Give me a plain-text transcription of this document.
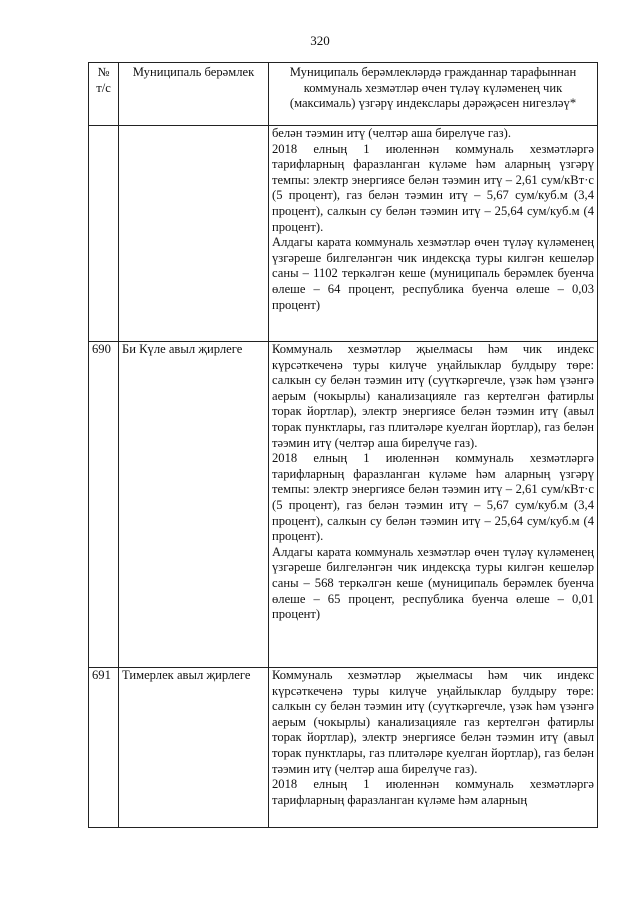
320
№ т/с	Муниципаль берәмлек	Муниципаль берәмлекләрдә гражданнар тарафыннан коммуналь хезмәтләр өчен түләү күләменең чик (максималь) үзгәрү индекслары дәрәҗәсен нигезләү*

		белән тәэмин итү (челтәр аша бирелүче газ).

2018 елның 1 июленнән коммуналь хезмәтләргә тарифларның фаразланган күләме һәм аларның үзгәрү темпы: электр энергиясе белән тәэмин итү – 2,61 сум/кВт·с (5 процент), газ белән тәэмин итү – 5,67 сум/куб.м (3,4 процент), салкын су белән тәэмин итү – 25,64 сум/куб.м (4 процент).

Алдагы карата коммуналь хезмәтләр өчен түләү күләменең үзгәреше билгеләнгән чик индексқа туры килгән кешеләр саны – 1102 теркәлгән кеше (муниципаль берәмлек буенча өлеше – 64 процент, республика буенча өлеше – 0,03 процент)

690	Би Күле авыл җирлеге	Коммуналь хезмәтләр җыелмасы һәм чик индекс күрсәткеченә туры килүче уңайлыклар булдыру төре: салкын су белән тәэмин итү (суүткәргечле, үзәк һәм үзәнгә аерым (чокырлы) канализацияле газ кертелгән фатирлы торак йортлар), электр энергиясе белән тәэмин итү (авыл торак пунктлары, газ плитәләре куелган йортлар), газ белән тәэмин итү (челтәр аша бирелүче газ).

2018 елның 1 июленнән коммуналь хезмәтләргә тарифларның фаразланган күләме һәм аларның үзгәрү темпы: электр энергиясе белән тәэмин итү – 2,61 сум/кВт·с (5 процент), газ белән тәэмин итү – 5,67 сум/куб.м (3,4 процент), салкын су белән тәэмин итү – 25,64 сум/куб.м (4 процент).

Алдагы карата коммуналь хезмәтләр өчен түләү күләменең үзгәреше билгеләнгән чик индексқа туры килгән кешеләр саны – 568 теркәлгән кеше (муниципаль берәмлек буенча өлеше – 65 процент, республика буенча өлеше – 0,01 процент)

691	Тимерлек авыл җирлеге	Коммуналь хезмәтләр җыелмасы һәм чик индекс күрсәткеченә туры килүче уңайлыклар булдыру төре: салкын су белән тәэмин итү (суүткәргечле, үзәк һәм үзәнгә аерым (чокырлы) канализацияле газ кертелгән фатирлы торак йортлар), электр энергиясе белән тәэмин итү (авыл торак пунктлары, газ плитәләре куелган йортлар), газ белән тәэмин итү (челтәр аша бирелүче газ).

2018 елның 1 июленнән коммуналь хезмәтләргә тарифларның фаразланган күләме һәм аларның
